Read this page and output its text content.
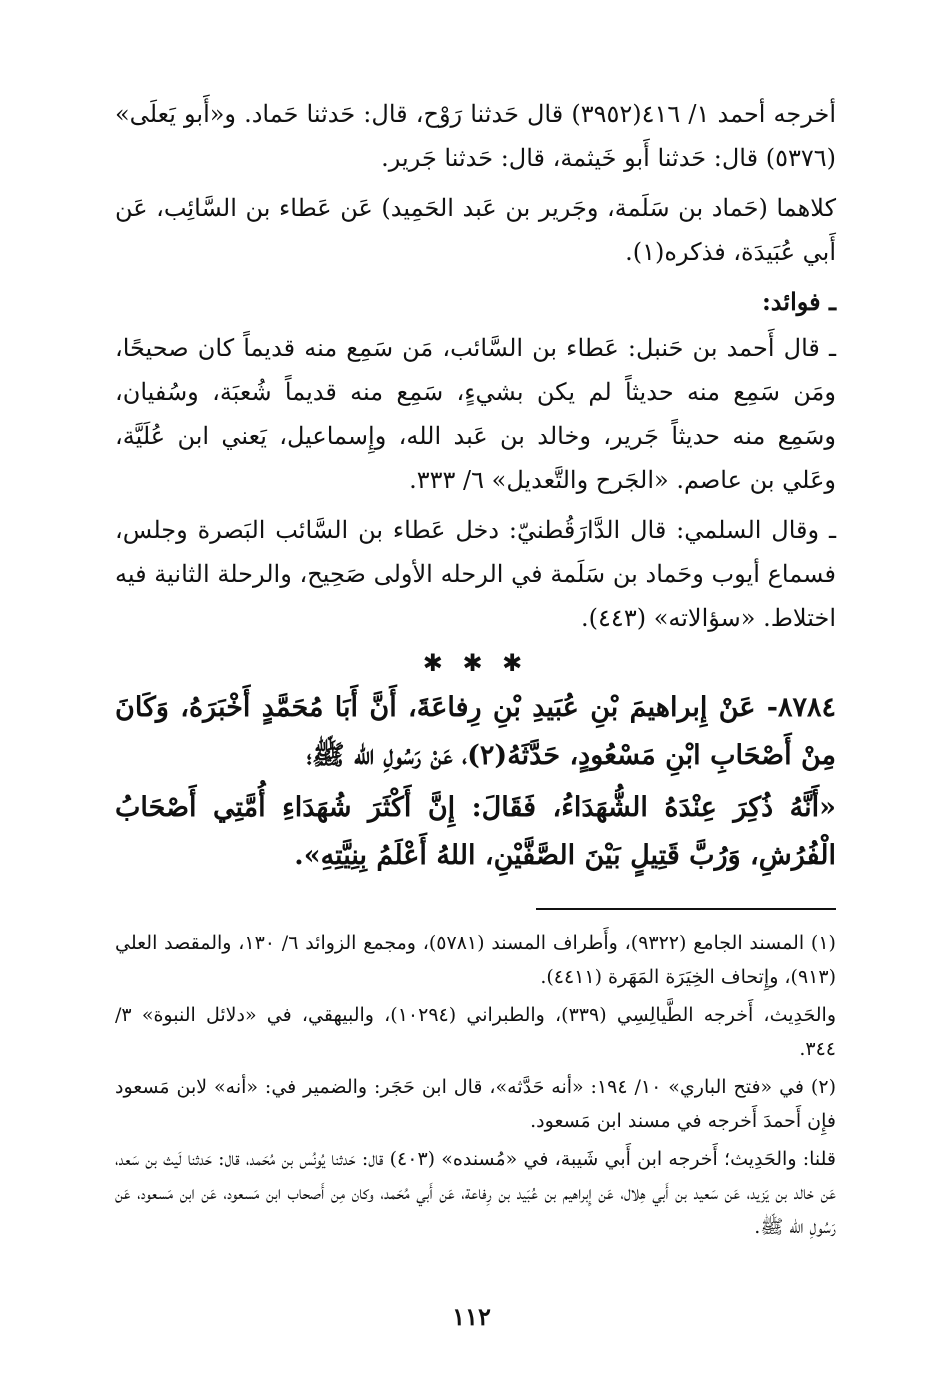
أخرجه أحمد ١/ ٤١٦(٣٩٥٢) قال حَدثنا رَوْح، قال: حَدثنا حَماد. و«أَبو يَعلَى» (٥٣٧٦) قال: حَدثنا أَبو خَيثمة، قال: حَدثنا جَرير.

كلاهما (حَماد بن سَلَمة، وجَرير بن عَبد الحَمِيد) عَن عَطاء بن السَّائِب، عَن أَبي عُبَيدَة، فذكره(١).

ـ فوائد:

ـ قال أَحمد بن حَنبل: عَطاء بن السَّائب، مَن سَمِع منه قديماً كان صحيحًا، ومَن سَمِع منه حديثاً لم يكن بشيءٍ، سَمِع منه قديماً شُعبَة، وسُفيان، وسَمِع منه حديثاً جَرير، وخالد بن عَبد الله، وإِسماعيل، يَعني ابن عُلَيَّة، وعَلي بن عاصم. «الجَرح والتَّعديل» ٦/ ٣٣٣.

ـ وقال السلمي: قال الدَّارَقُطنيّ: دخل عَطاء بن السَّائب البَصرة وجلس، فسماع أيوب وحَماد بن سَلَمة في الرحله الأولى صَحِيح، والرحلة الثانية فيه اختلاط. «سؤالاته» (٤٤٣).

✱ ✱ ✱

٨٧٨٤- عَنْ إِبراهيمَ بْنِ عُبَيدِ بْنِ رِفاعَةَ، أَنَّ أَبَا مُحَمَّدٍ أَخْبَرَهُ، وَكَانَ مِنْ أَصْحَابِ ابْنِ مَسْعُودٍ، حَدَّثَهُ(٢)، عَنْ رَسُولِ الله ﷺ؛

«أَنَّهُ ذُكِرَ عِنْدَهُ الشُّهَدَاءُ، فَقَالَ: إِنَّ أَكْثَرَ شُهَدَاءِ أُمَّتِي أَصْحَابُ الْفُرُشِ، وَرُبَّ قَتِيلٍ بَيْنَ الصَّفَّيْنِ، اللهُ أَعْلَمُ بِنِيَّتِهِ».

(١) المسند الجامع (٩٣٢٢)، وأَطراف المسند (٥٧٨١)، ومجمع الزوائد ٦/ ١٣٠، والمقصد العلي (٩١٣)، وإِتحاف الخِيَرَة المَهَرة (٤٤١١).

والحَدِيث، أَخرجه الطَّيالِسِي (٣٣٩)، والطبراني (١٠٢٩٤)، والبيهقي، في «دلائل النبوة» ٣/ ٣٤٤.

(٢) في «فتح الباري» ١٠/ ١٩٤: «أنه حَدَّثه»، قال ابن حَجَر: والضمير في: «أنه» لابن مَسعود فإِن أَحمدَ أَخرجه في مسند ابن مَسعود.

قلنا: والحَدِيث؛ أَخرجه ابن أَبي شَيبة، في «مُسنده» (٤٠٣) قال: حَدثنا يُونُس بن مُحَمد، قال: حَدثنا لَيث بن سَعد، عَن خالد بن يَزيد، عَن سَعيد بن أَبي هِلال، عَن إِبراهيم بن عُبَيد بن رِفاعة، عَن أَبي مُحَمد، وكان مِن أَصحاب ابن مَسعود، عَن ابن مَسعود، عَن رَسُولِ الله ﷺ.

١١٢
